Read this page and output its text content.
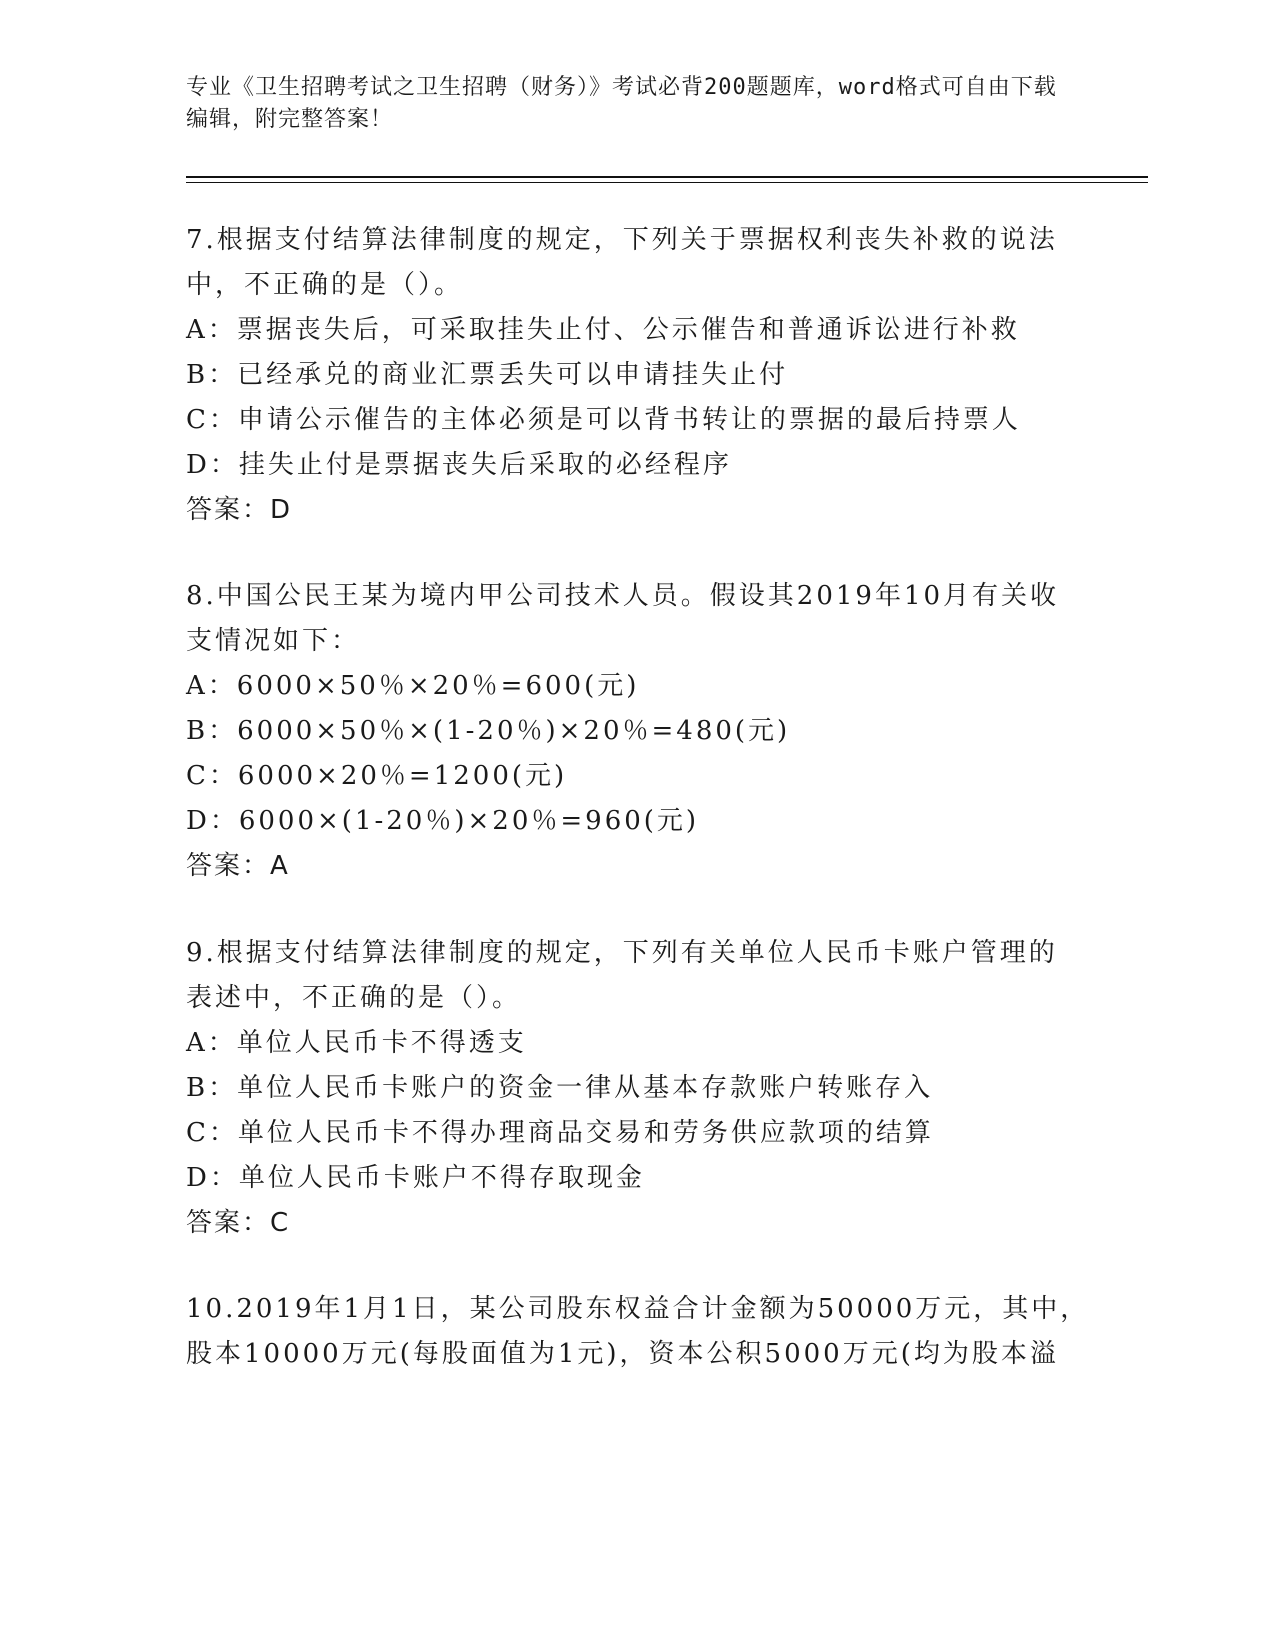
专业《卫生招聘考试之卫生招聘（财务）》考试必背200题题库，word格式可自由下载编辑，附完整答案！

7.根据支付结算法律制度的规定，下列关于票据权利丧失补救的说法

中，不正确的是（）。

A：票据丧失后，可采取挂失止付、公示催告和普通诉讼进行补救

B：已经承兑的商业汇票丢失可以申请挂失止付

C：申请公示催告的主体必须是可以背书转让的票据的最后持票人

D：挂失止付是票据丧失后采取的必经程序

答案：D

8.中国公民王某为境内甲公司技术人员。假设其2019年10月有关收

支情况如下：

A：6000×50％×20％=600(元)

B：6000×50％×(1-20％)×20％=480(元)

C：6000×20％=1200(元)

D：6000×(1-20％)×20％=960(元)

答案：A

9.根据支付结算法律制度的规定，下列有关单位人民币卡账户管理的

表述中，不正确的是（）。

A：单位人民币卡不得透支

B：单位人民币卡账户的资金一律从基本存款账户转账存入

C：单位人民币卡不得办理商品交易和劳务供应款项的结算

D：单位人民币卡账户不得存取现金

答案：C

10.2019年1月1日，某公司股东权益合计金额为50000万元，其中，

股本10000万元(每股面值为1元)，资本公积5000万元(均为股本溢
